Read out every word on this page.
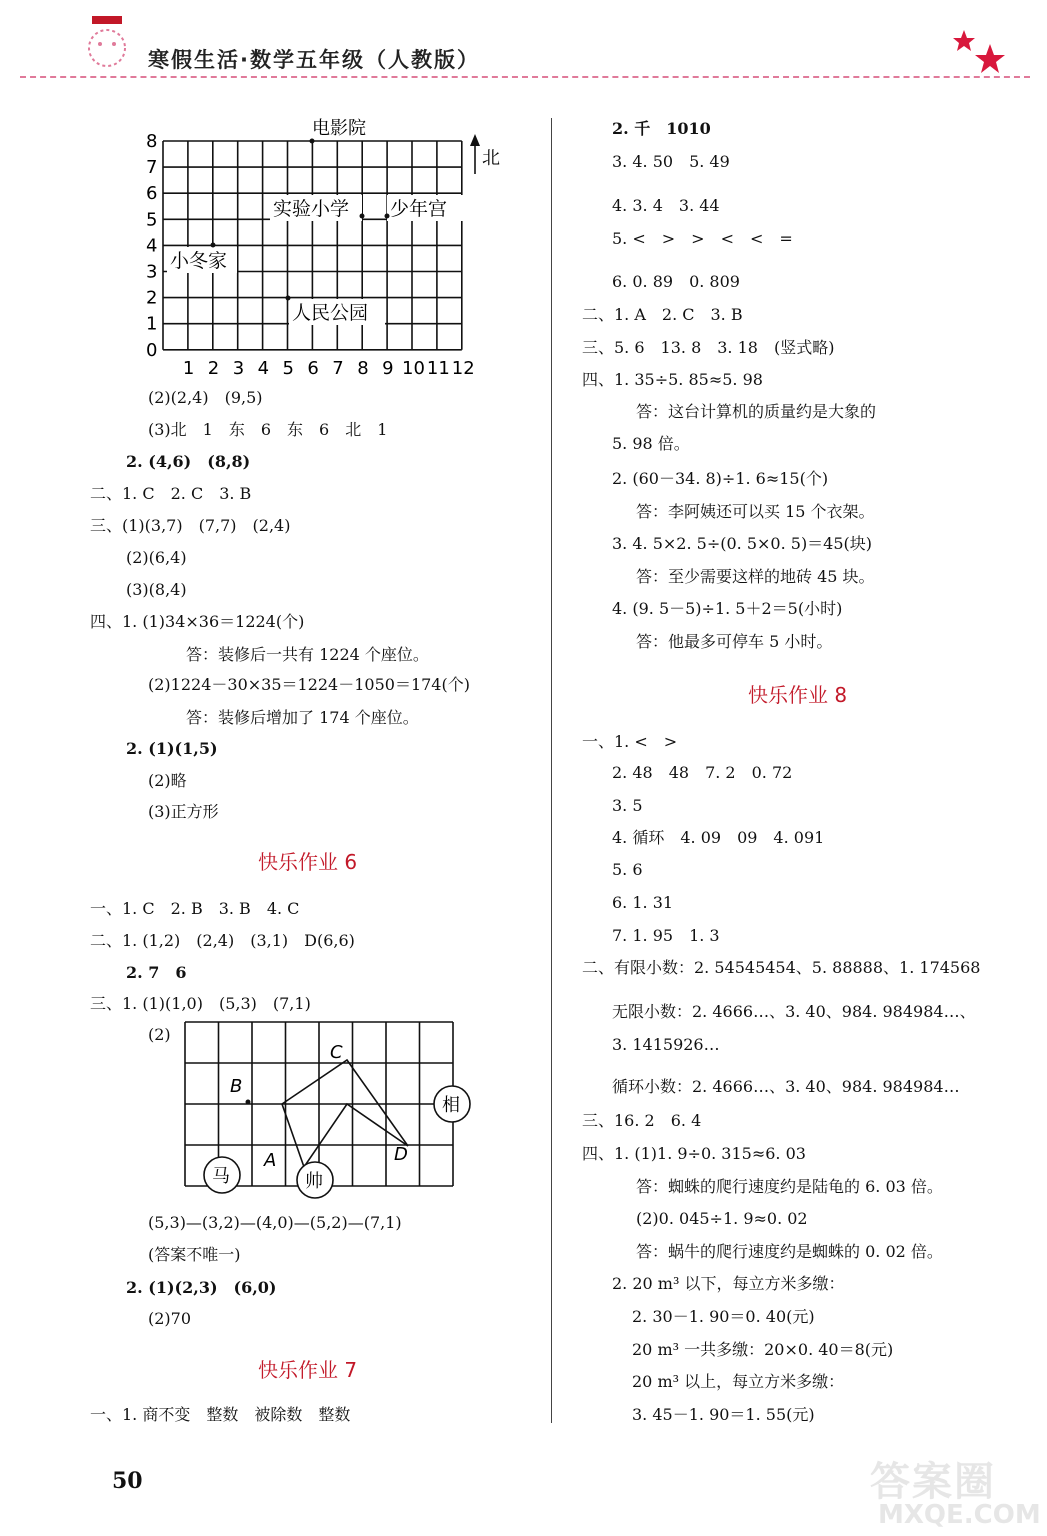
寒假生活·数学五年级（人教版）
电影院
北
0
1
2
3
4
5
6
7
8
1 2 3 4 5 6 7 8 9 10 11 12
实验小学 少年宫
小冬家
人民公园
C
B
A	D
相
马	帅
(2)(2,4)　(9,5)
(3)北　1　东　6　东　6　北　1
2. (4,6)　(8,8)
二、1. C　2. C　3. B
三、(1)(3,7)　(7,7)　(2,4)
(2)(6,4)
(3)(8,4)
四、1. (1)34×36＝1224(个)
答：装修后一共有 1224 个座位。
(2)1224－30×35＝1224－1050＝174(个)
答：装修后增加了 174 个座位。
2. (1)(1,5)
(2)略
(3)正方形
快乐作业 6
一、1. C　2. B　3. B　4. C
二、1. (1,2)　(2,4)　(3,1)　D(6,6)
2. 7　6
三、1. (1)(1,0)　(5,3)　(7,1)
(2)
(5,3)—(3,2)—(4,0)—(5,2)—(7,1)
(答案不唯一)
2. (1)(2,3)　(6,0)
(2)70
快乐作业 7
一、1. 商不变　整数　被除数　整数
2. 千　1010
3. 4. 50　5. 49
4. 3. 4　3. 44
5. <　>　>　<　<　=
6. 0. 89　0. 809
二、1. A　2. C　3. B
三、5. 6　13. 8　3. 18　(竖式略)
四、1. 35÷5. 85≈5. 98
答：这台计算机的质量约是大象的
5. 98 倍。
2. (60－34. 8)÷1. 6≈15(个)
答：李阿姨还可以买 15 个衣架。
3. 4. 5×2. 5÷(0. 5×0. 5)＝45(块)
答：至少需要这样的地砖 45 块。
4. (9. 5－5)÷1. 5＋2＝5(小时)
答：他最多可停车 5 小时。
快乐作业 8
一、1. <　>
2. 48　48　7. 2　0. 72
3. 5
4. 循环　4. 09　09　4. 091
5. 6
6. 1. 31
7. 1. 95　1. 3
二、有限小数：2. 54545454、5. 88888、1. 174568
无限小数：2. 4666…、3. 40、984. 984984…、
3. 1415926…
循环小数：2. 4666…、3. 40、984. 984984…
三、16. 2　6. 4
四、1. (1)1. 9÷0. 315≈6. 03
答：蜘蛛的爬行速度约是陆龟的 6. 03 倍。
(2)0. 045÷1. 9≈0. 02
答：蜗牛的爬行速度约是蜘蛛的 0. 02 倍。
2. 20 m³ 以下，每立方米多缴：
2. 30－1. 90＝0. 40(元)
20 m³ 一共多缴：20×0. 40＝8(元)
20 m³ 以上，每立方米多缴：
3. 45－1. 90＝1. 55(元)
50	答案圈
MXQE.COM
